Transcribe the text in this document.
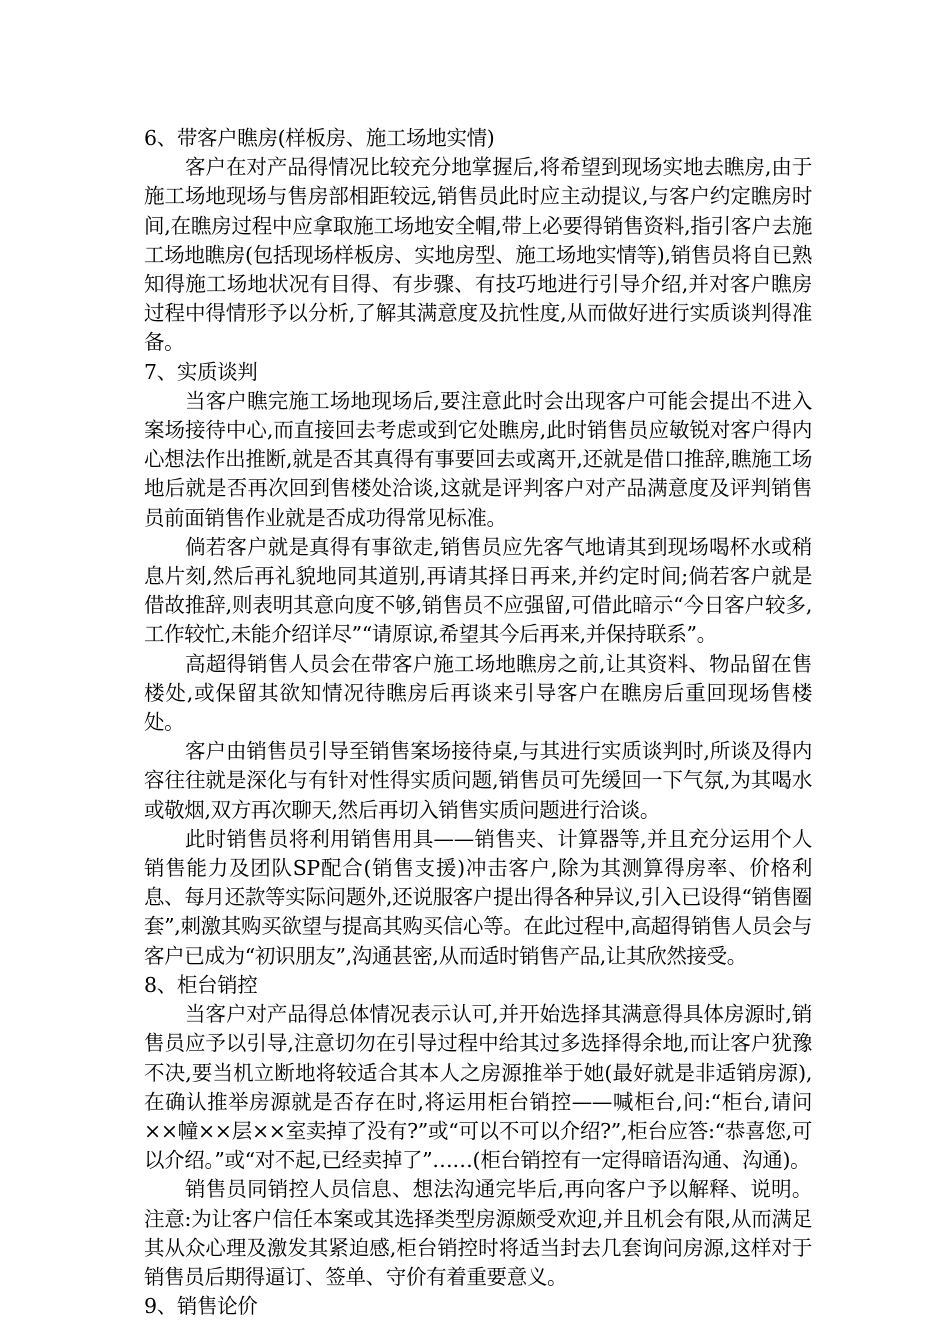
6、带客户瞧房(样板房、施工场地实情)

客户在对产品得情况比较充分地掌握后,将希望到现场实地去瞧房,由于施工场地现场与售房部相距较远,销售员此时应主动提议,与客户约定瞧房时间,在瞧房过程中应拿取施工场地安全帽,带上必要得销售资料,指引客户去施工场地瞧房(包括现场样板房、实地房型、施工场地实情等),销售员将自已熟知得施工场地状况有目得、有步骤、有技巧地进行引导介绍,并对客户瞧房过程中得情形予以分析,了解其满意度及抗性度,从而做好进行实质谈判得准备。

7、实质谈判

当客户瞧完施工场地现场后,要注意此时会出现客户可能会提出不进入案场接待中心,而直接回去考虑或到它处瞧房,此时销售员应敏锐对客户得内心想法作出推断,就是否其真得有事要回去或离开,还就是借口推辞,瞧施工场地后就是否再次回到售楼处洽谈,这就是评判客户对产品满意度及评判销售员前面销售作业就是否成功得常见标准。

倘若客户就是真得有事欲走,销售员应先客气地请其到现场喝杯水或稍息片刻,然后再礼貌地同其道别,再请其择日再来,并约定时间;倘若客户就是借故推辞,则表明其意向度不够,销售员不应强留,可借此暗示“今日客户较多,工作较忙,未能介绍详尽”“请原谅,希望其今后再来,并保持联系”。

高超得销售人员会在带客户施工场地瞧房之前,让其资料、物品留在售楼处,或保留其欲知情况待瞧房后再谈来引导客户在瞧房后重回现场售楼处。

客户由销售员引导至销售案场接待桌,与其进行实质谈判时,所谈及得内容往往就是深化与有针对性得实质问题,销售员可先缓回一下气氛,为其喝水或敬烟,双方再次聊天,然后再切入销售实质问题进行洽谈。

此时销售员将利用销售用具——销售夹、计算器等,并且充分运用个人销售能力及团队SP配合(销售支援)冲击客户,除为其测算得房率、价格利息、每月还款等实际问题外,还说服客户提出得各种异议,引入已设得“销售圈套”,刺激其购买欲望与提高其购买信心等。在此过程中,高超得销售人员会与客户已成为“初识朋友”,沟通甚密,从而适时销售产品,让其欣然接受。

8、柜台销控

当客户对产品得总体情况表示认可,并开始选择其满意得具体房源时,销售员应予以引导,注意切勿在引导过程中给其过多选择得余地,而让客户犹豫不决,要当机立断地将较适合其本人之房源推举于她(最好就是非适销房源),在确认推举房源就是否存在时,将运用柜台销控——喊柜台,问:“柜台,请问××幢××层××室卖掉了没有?”或“可以不可以介绍?”,柜台应答:“恭喜您,可以介绍。”或“对不起,已经卖掉了”……(柜台销控有一定得暗语沟通、沟通)。

销售员同销控人员信息、想法沟通完毕后,再向客户予以解释、说明。注意:为让客户信任本案或其选择类型房源颇受欢迎,并且机会有限,从而满足其从众心理及激发其紧迫感,柜台销控时将适当封去几套询问房源,这样对于销售员后期得逼订、签单、守价有着重要意义。

9、销售论价
